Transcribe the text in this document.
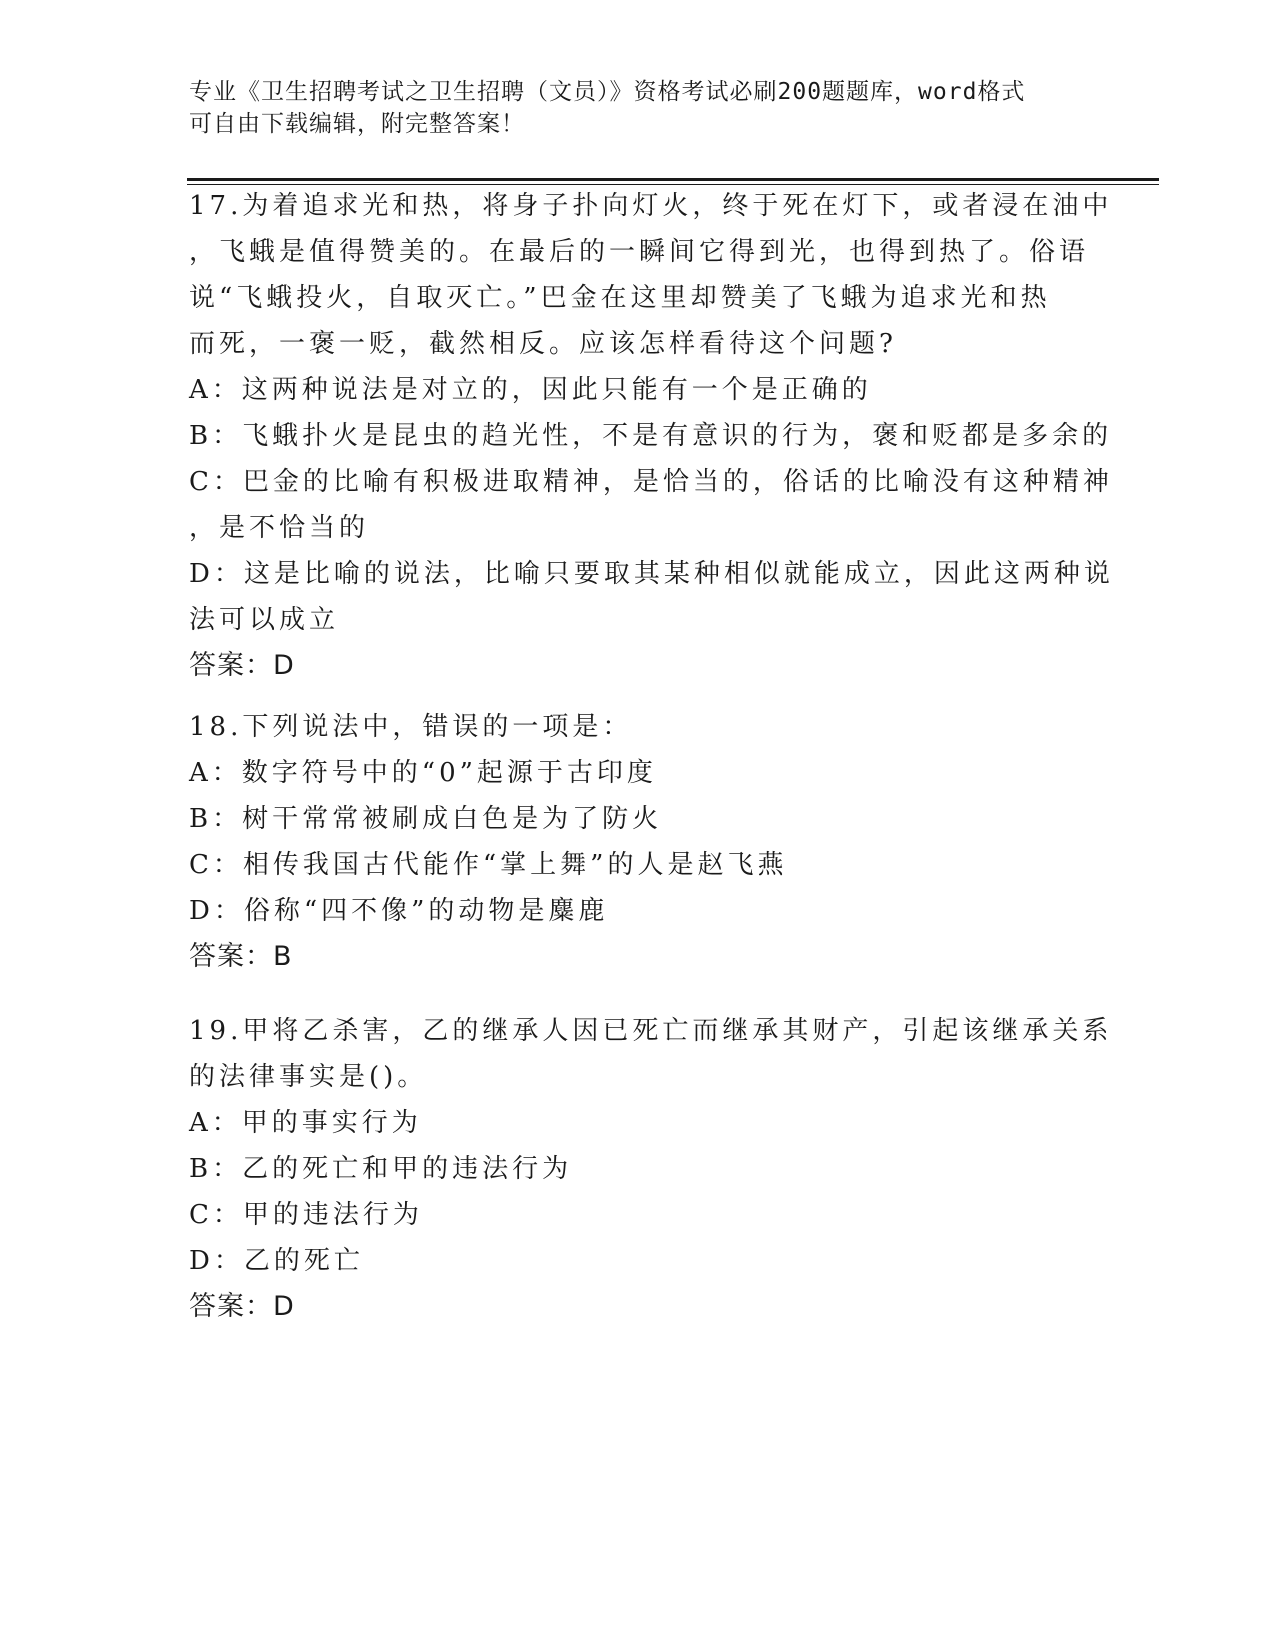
专业《卫生招聘考试之卫生招聘（文员）》资格考试必刷200题题库，word格式
可自由下载编辑，附完整答案！
17.为着追求光和热，将身子扑向灯火，终于死在灯下，或者浸在油中
，飞蛾是值得赞美的。在最后的一瞬间它得到光，也得到热了。俗语
说“飞蛾投火，自取灭亡。”巴金在这里却赞美了飞蛾为追求光和热
而死，一褒一贬，截然相反。应该怎样看待这个问题?
A：这两种说法是对立的，因此只能有一个是正确的
B：飞蛾扑火是昆虫的趋光性，不是有意识的行为，褒和贬都是多余的
C：巴金的比喻有积极进取精神，是恰当的，俗话的比喻没有这种精神
，是不恰当的
D：这是比喻的说法，比喻只要取其某种相似就能成立，因此这两种说
法可以成立
答案：D
18.下列说法中，错误的一项是：
A：数字符号中的“0”起源于古印度
B：树干常常被刷成白色是为了防火
C：相传我国古代能作“掌上舞”的人是赵飞燕
D：俗称“四不像”的动物是麋鹿
答案：B
19.甲将乙杀害，乙的继承人因已死亡而继承其财产，引起该继承关系
的法律事实是()。
A：甲的事实行为
B：乙的死亡和甲的违法行为
C：甲的违法行为
D：乙的死亡
答案：D
